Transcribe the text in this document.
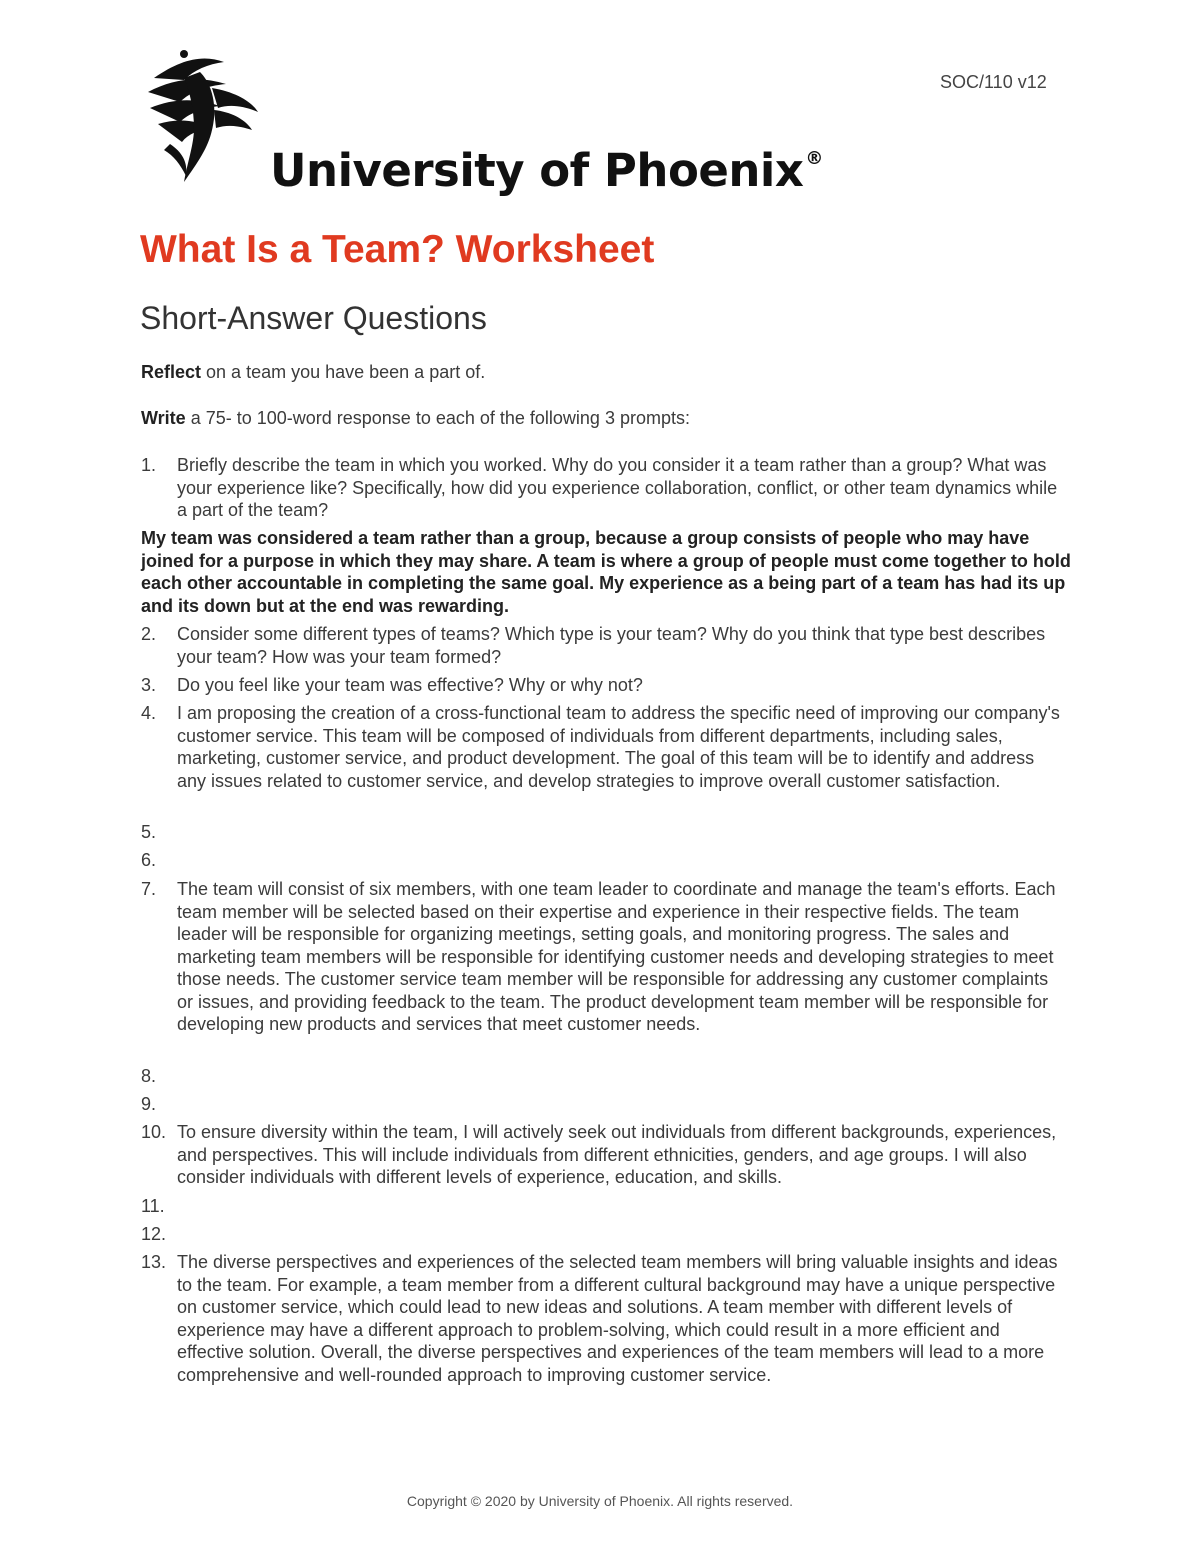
University of Phoenix ®
SOC/110 v12
What Is a Team? Worksheet
Short-Answer Questions
Reflect on a team you have been a part of.
Write a 75- to 100-word response to each of the following 3 prompts:
1. Briefly describe the team in which you worked. Why do you consider it a team rather than a group? What was your experience like? Specifically, how did you experience collaboration, conflict, or other team dynamics while a part of the team?
My team was considered a team rather than a group, because a group consists of people who may have joined for a purpose in which they may share. A team is where a group of people must come together to hold each other accountable in completing the same goal. My experience as a being part of a team has had its up and its down but at the end was rewarding.
2. Consider some different types of teams? Which type is your team? Why do you think that type best describes your team? How was your team formed?
3. Do you feel like your team was effective? Why or why not?
4. I am proposing the creation of a cross-functional team to address the specific need of improving our company's customer service. This team will be composed of individuals from different departments, including sales, marketing, customer service, and product development. The goal of this team will be to identify and address any issues related to customer service, and develop strategies to improve overall customer satisfaction.
5.
6.
7. The team will consist of six members, with one team leader to coordinate and manage the team's efforts. Each team member will be selected based on their expertise and experience in their respective fields. The team leader will be responsible for organizing meetings, setting goals, and monitoring progress. The sales and marketing team members will be responsible for identifying customer needs and developing strategies to meet those needs. The customer service team member will be responsible for addressing any customer complaints or issues, and providing feedback to the team. The product development team member will be responsible for developing new products and services that meet customer needs.
8.
9.
10. To ensure diversity within the team, I will actively seek out individuals from different backgrounds, experiences, and perspectives. This will include individuals from different ethnicities, genders, and age groups. I will also consider individuals with different levels of experience, education, and skills.
11.
12.
13. The diverse perspectives and experiences of the selected team members will bring valuable insights and ideas to the team. For example, a team member from a different cultural background may have a unique perspective on customer service, which could lead to new ideas and solutions. A team member with different levels of experience may have a different approach to problem-solving, which could result in a more efficient and effective solution. Overall, the diverse perspectives and experiences of the team members will lead to a more comprehensive and well-rounded approach to improving customer service.
Copyright © 2020 by University of Phoenix. All rights reserved.
